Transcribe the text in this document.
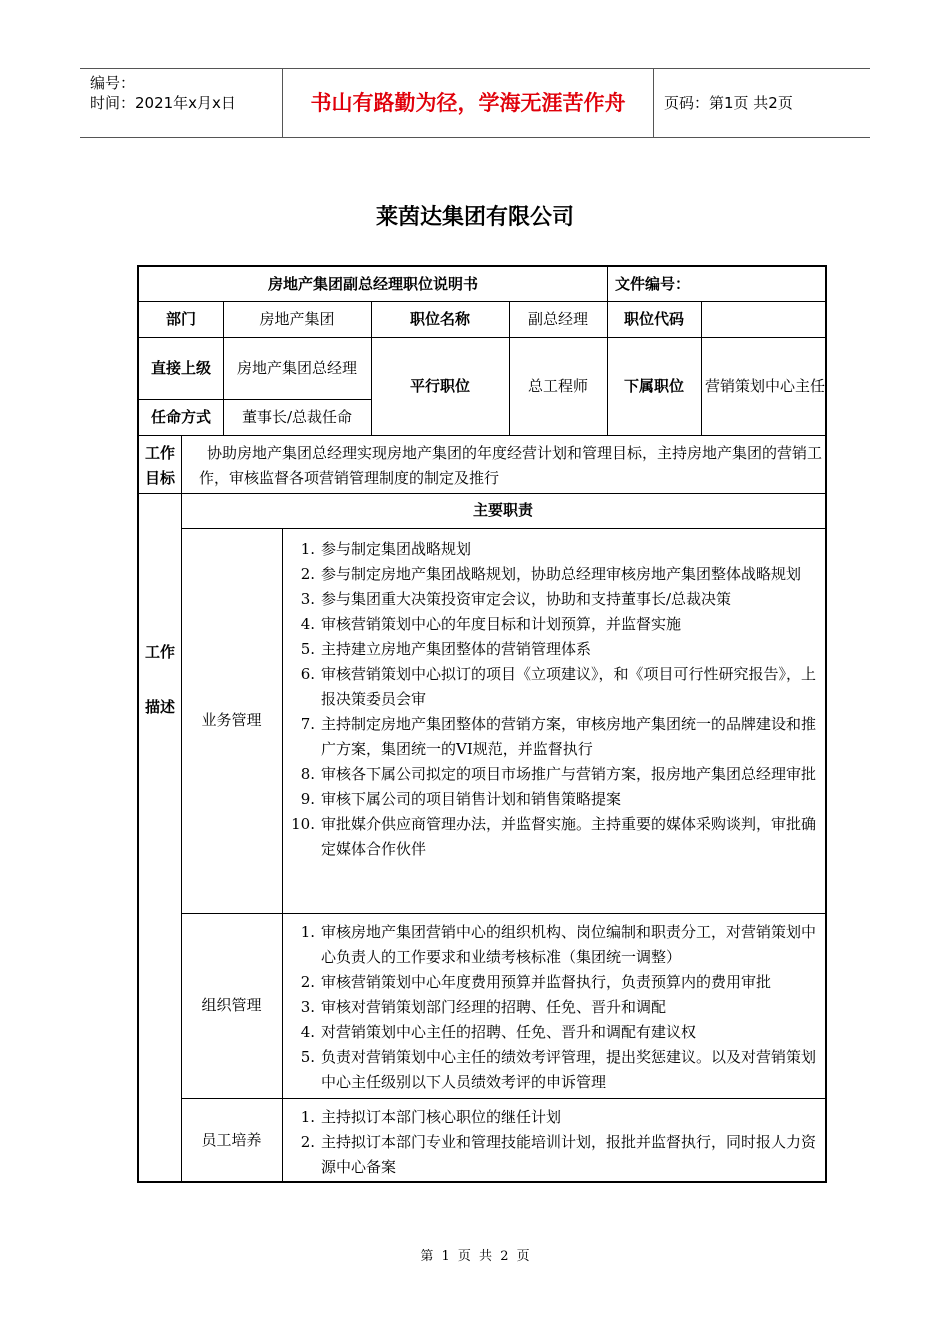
编号：
时间：2021年x月x日	书山有路勤为径，学海无涯苦作舟	页码：第1页 共2页
莱茵达集团有限公司
房地产集团副总经理职位说明书	文件编号：
部门	房地产集团	职位名称	副总经理	职位代码
直接上级	房地产集团总经理
平行职位	总工程师	下属职位	营销策划中心主任
任命方式	董事长/总裁任命
工作
目标
协助房地产集团总经理实现房地产集团的年度经营计划和管理目标，主持房地产集团的营销工作，审核监督各项营销管理制度的制定及推行
工作
描述
主要职责
业务管理
1. 参与制定集团战略规划
2. 参与制定房地产集团战略规划，协助总经理审核房地产集团整体战略规划
3. 参与集团重大决策投资审定会议，协助和支持董事长/总裁决策
4. 审核营销策划中心的年度目标和计划预算，并监督实施
5. 主持建立房地产集团整体的营销管理体系
6. 审核营销策划中心拟订的项目《立项建议》，和《项目可行性研究报告》，上报决策委员会审
7. 主持制定房地产集团整体的营销方案，审核房地产集团统一的品牌建设和推广方案，集团统一的VI规范，并监督执行
8. 审核各下属公司拟定的项目市场推广与营销方案，报房地产集团总经理审批
9. 审核下属公司的项目销售计划和销售策略提案
10. 审批媒介供应商管理办法，并监督实施。主持重要的媒体采购谈判，审批确定媒体合作伙伴
组织管理
1. 审核房地产集团营销中心的组织机构、岗位编制和职责分工，对营销策划中心负责人的工作要求和业绩考核标准（集团统一调整）
2. 审核营销策划中心年度费用预算并监督执行，负责预算内的费用审批
3. 审核对营销策划部门经理的招聘、任免、晋升和调配
4. 对营销策划中心主任的招聘、任免、晋升和调配有建议权
5. 负责对营销策划中心主任的绩效考评管理，提出奖惩建议。以及对营销策划中心主任级别以下人员绩效考评的申诉管理
员工培养
1. 主持拟订本部门核心职位的继任计划
2. 主持拟订本部门专业和管理技能培训计划，报批并监督执行，同时报人力资源中心备案
第 1 页 共 2 页
